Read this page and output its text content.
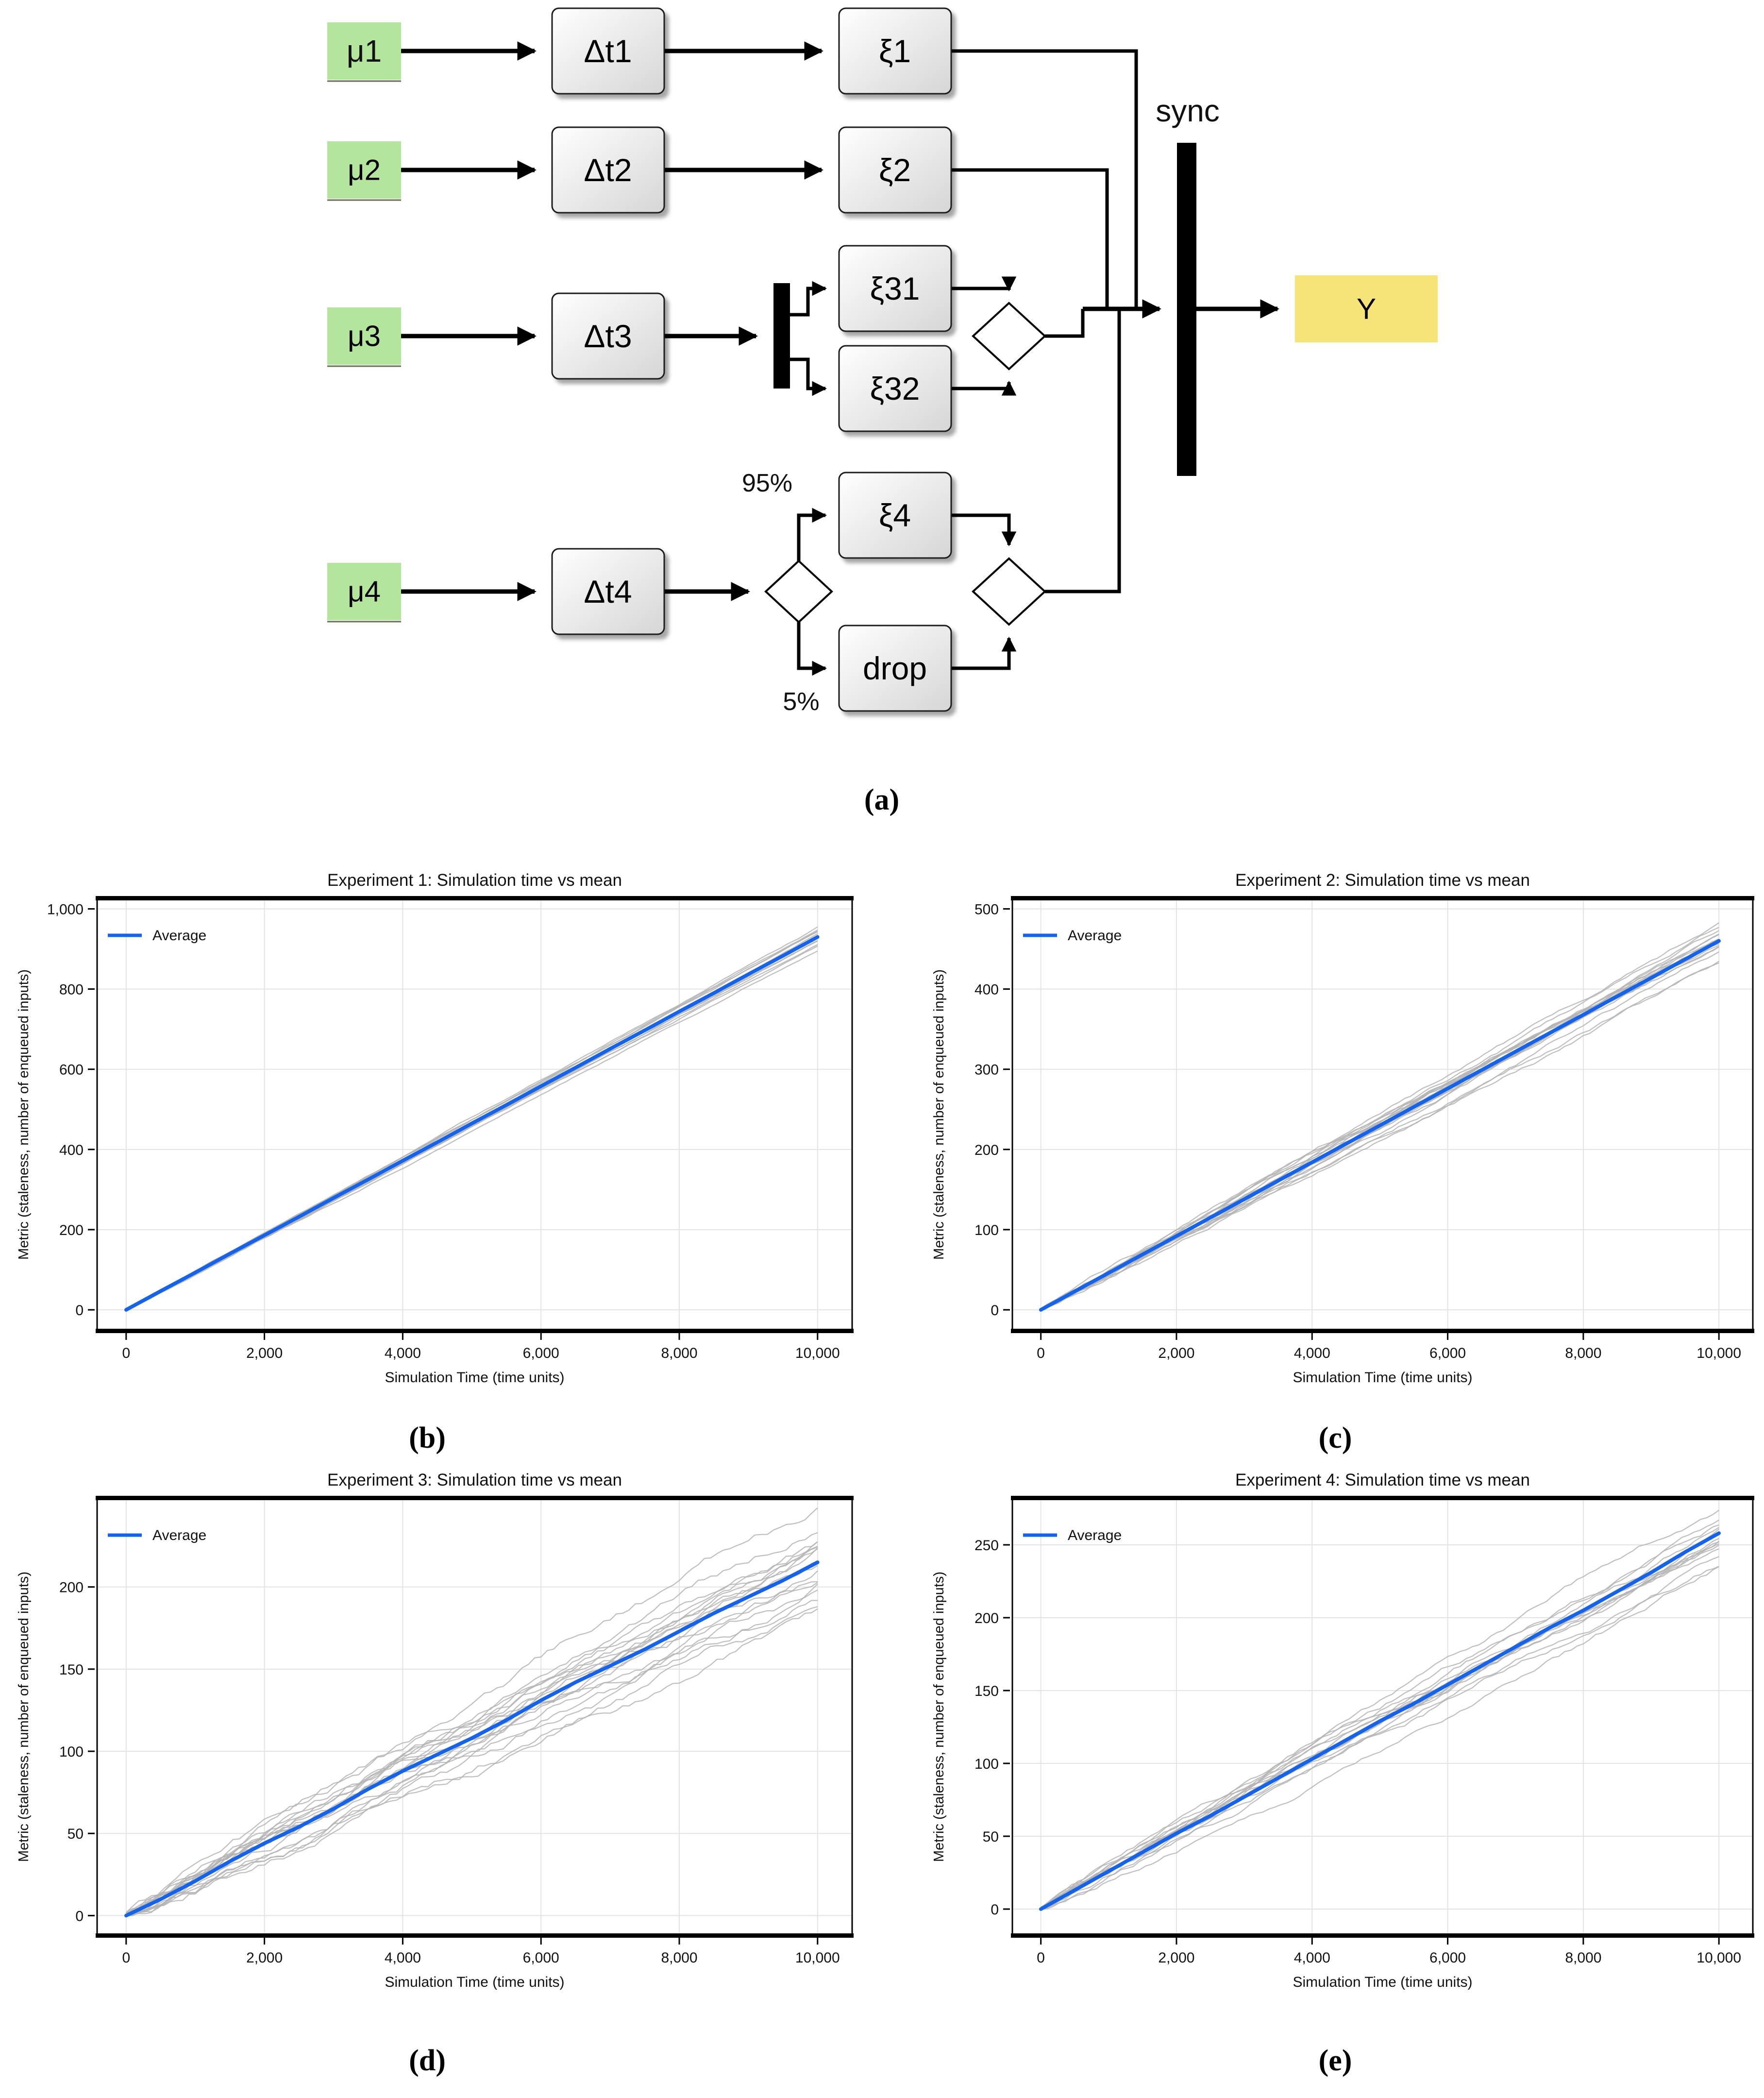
μ1
μ2
μ3
μ4
Δt1
Δt2
Δt3
Δt4
ξ1
ξ2
ξ31
ξ32
ξ4
drop
sync
95%
5%
Y
0	2,000	4,000	6,000	8,000	10,000
0
200
400
600
800
1,000
Experiment 1: Simulation time vs mean
Simulation Time (time units)
Metric (staleness, number of enqueued inputs)
Average
0	2,000	4,000	6,000	8,000	10,000
0
100
200
300
400
500
Experiment 2: Simulation time vs mean
Simulation Time (time units)
Metric (staleness, number of enqueued inputs)
Average
0	2,000	4,000	6,000	8,000	10,000
0
50
100
150
200
Experiment 3: Simulation time vs mean
Simulation Time (time units)
Metric (staleness, number of enqueued inputs)
Average
0	2,000	4,000	6,000	8,000	10,000
0
50
100
150
200
250
Experiment 4: Simulation time vs mean
Simulation Time (time units)
Metric (staleness, number of enqueued inputs)
Average
(a)
(b)	(c)
(d)	(e)
